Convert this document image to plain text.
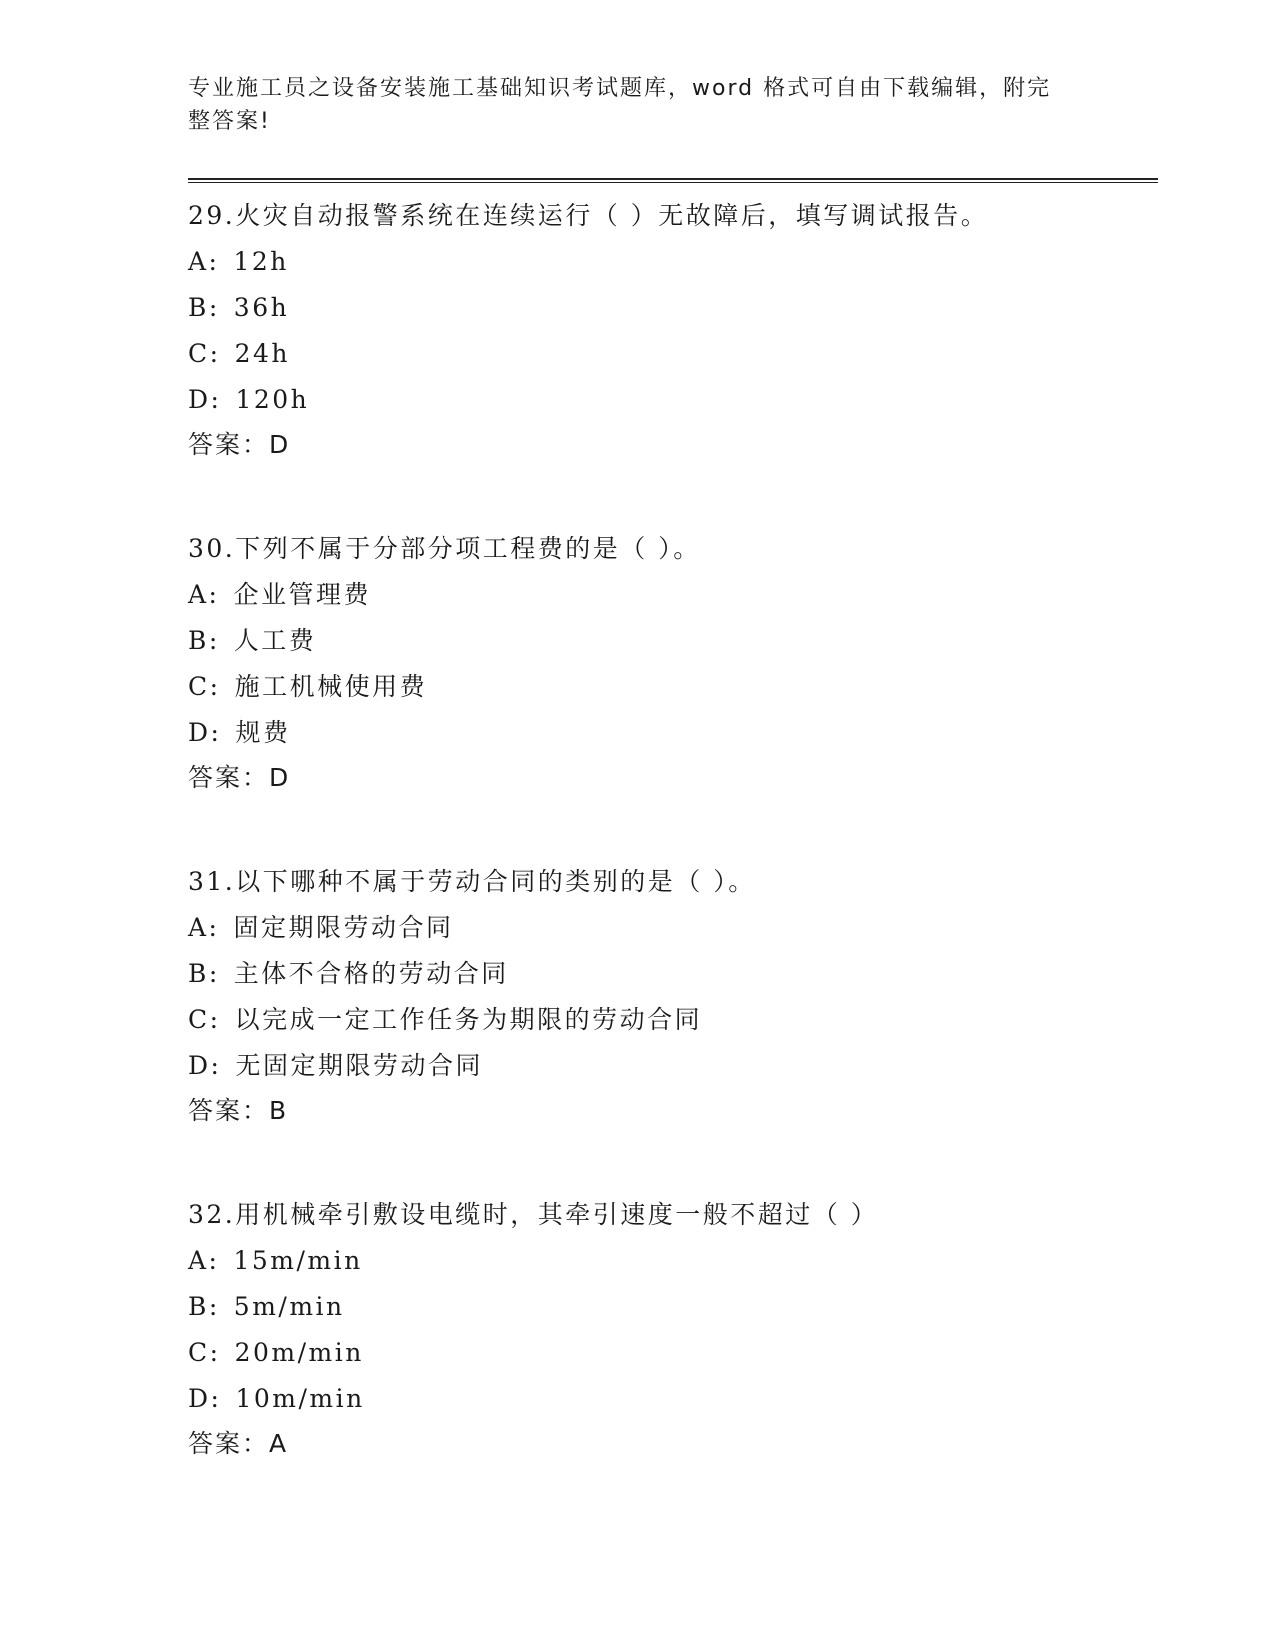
专业施工员之设备安装施工基础知识考试题库，word 格式可自由下载编辑，附完
整答案!
29.火灾自动报警系统在连续运行（ ）无故障后，填写调试报告。
A: 12h
B: 36h
C: 24h
D: 120h
答案：D
30.下列不属于分部分项工程费的是（ ）。
A: 企业管理费
B: 人工费
C: 施工机械使用费
D: 规费
答案：D
31.以下哪种不属于劳动合同的类别的是（ ）。
A: 固定期限劳动合同
B: 主体不合格的劳动合同
C: 以完成一定工作任务为期限的劳动合同
D: 无固定期限劳动合同
答案：B
32.用机械牵引敷设电缆时，其牵引速度一般不超过（ ）
A: 15m/min
B: 5m/min
C: 20m/min
D: 10m/min
答案：A
